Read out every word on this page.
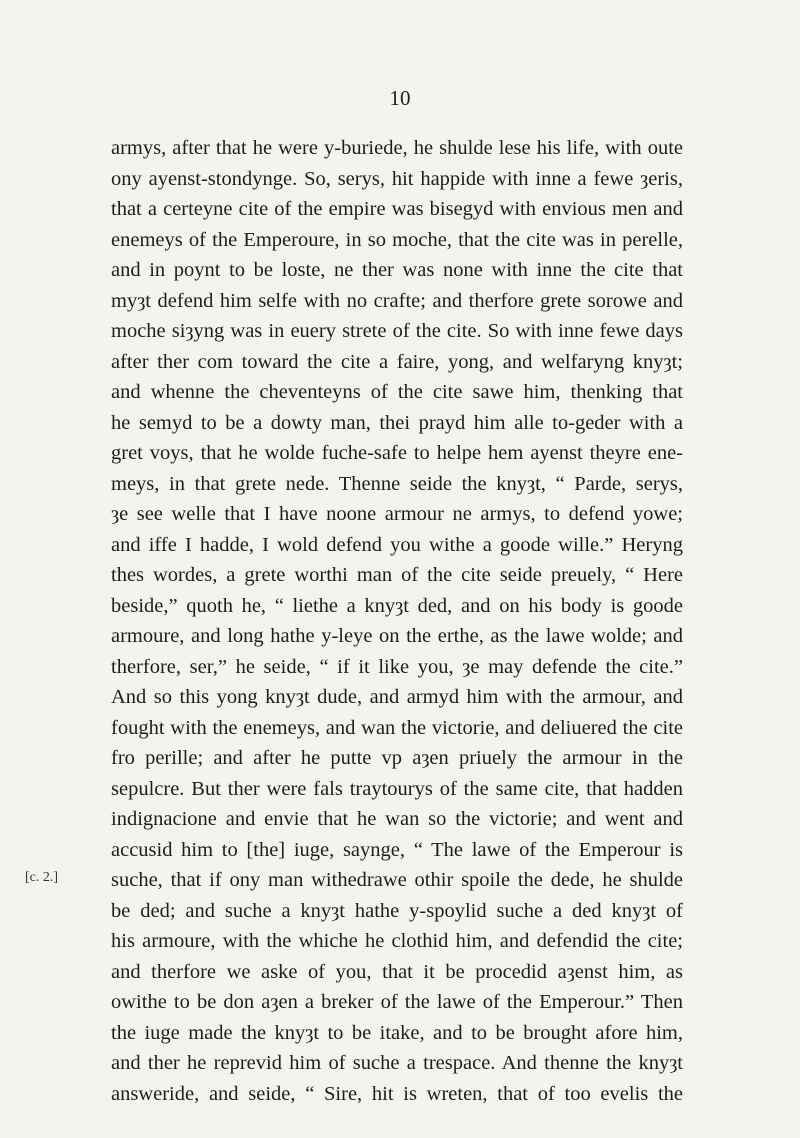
10
[c. 2.]
armys, after that he were y-buriede, he shulde lese his life, with oute
ony ayenst-stondynge. So, serys, hit happide with inne a fewe ȝeris,
that a certeyne cite of the empire was bisegyd with envious men and
enemeys of the Emperoure, in so moche, that the cite was in perelle,
and in poynt to be loste, ne ther was none with inne the cite that
myȝt defend him selfe with no crafte; and therfore grete sorowe and
moche siȝyng was in euery strete of the cite. So with inne fewe days
after ther com toward the cite a faire, yong, and welfaryng knyȝt;
and whenne the cheventeyns of the cite sawe him, thenking that
he semyd to be a dowty man, thei prayd him alle to-geder with a
gret voys, that he wolde fuche-safe to helpe hem ayenst theyre ene-
meys, in that grete nede. Thenne seide the knyȝt, “ Parde, serys,
ȝe see welle that I have noone armour ne armys, to defend yowe;
and iffe I hadde, I wold defend you withe a goode wille.” Heryng
thes wordes, a grete worthi man of the cite seide preuely, “ Here
beside,” quoth he, “ liethe a knyȝt ded, and on his body is goode
armoure, and long hathe y-leye on the erthe, as the lawe wolde; and
therfore, ser,” he seide, “ if it like you, ȝe may defende the cite.”
And so this yong knyȝt dude, and armyd him with the armour, and
fought with the enemeys, and wan the victorie, and deliuered the cite
fro perille; and after he putte vp aȝen priuely the armour in the
sepulcre. But ther were fals traytourys of the same cite, that hadden
indignacione and envie that he wan so the victorie; and went and
accusid him to [the] iuge, saynge, “ The lawe of the Emperour is
suche, that if ony man withedrawe othir spoile the dede, he shulde
be ded; and suche a knyȝt hathe y-spoylid suche a ded knyȝt of
his armoure, with the whiche he clothid him, and defendid the cite;
and therfore we aske of you, that it be procedid aȝenst him, as
owithe to be don aȝen a breker of the lawe of the Emperour.” Then
the iuge made the knyȝt to be itake, and to be brought afore him,
and ther he reprevid him of suche a trespace. And thenne the knyȝt
answeride, and seide, “ Sire, hit is wreten, that of too evelis the
